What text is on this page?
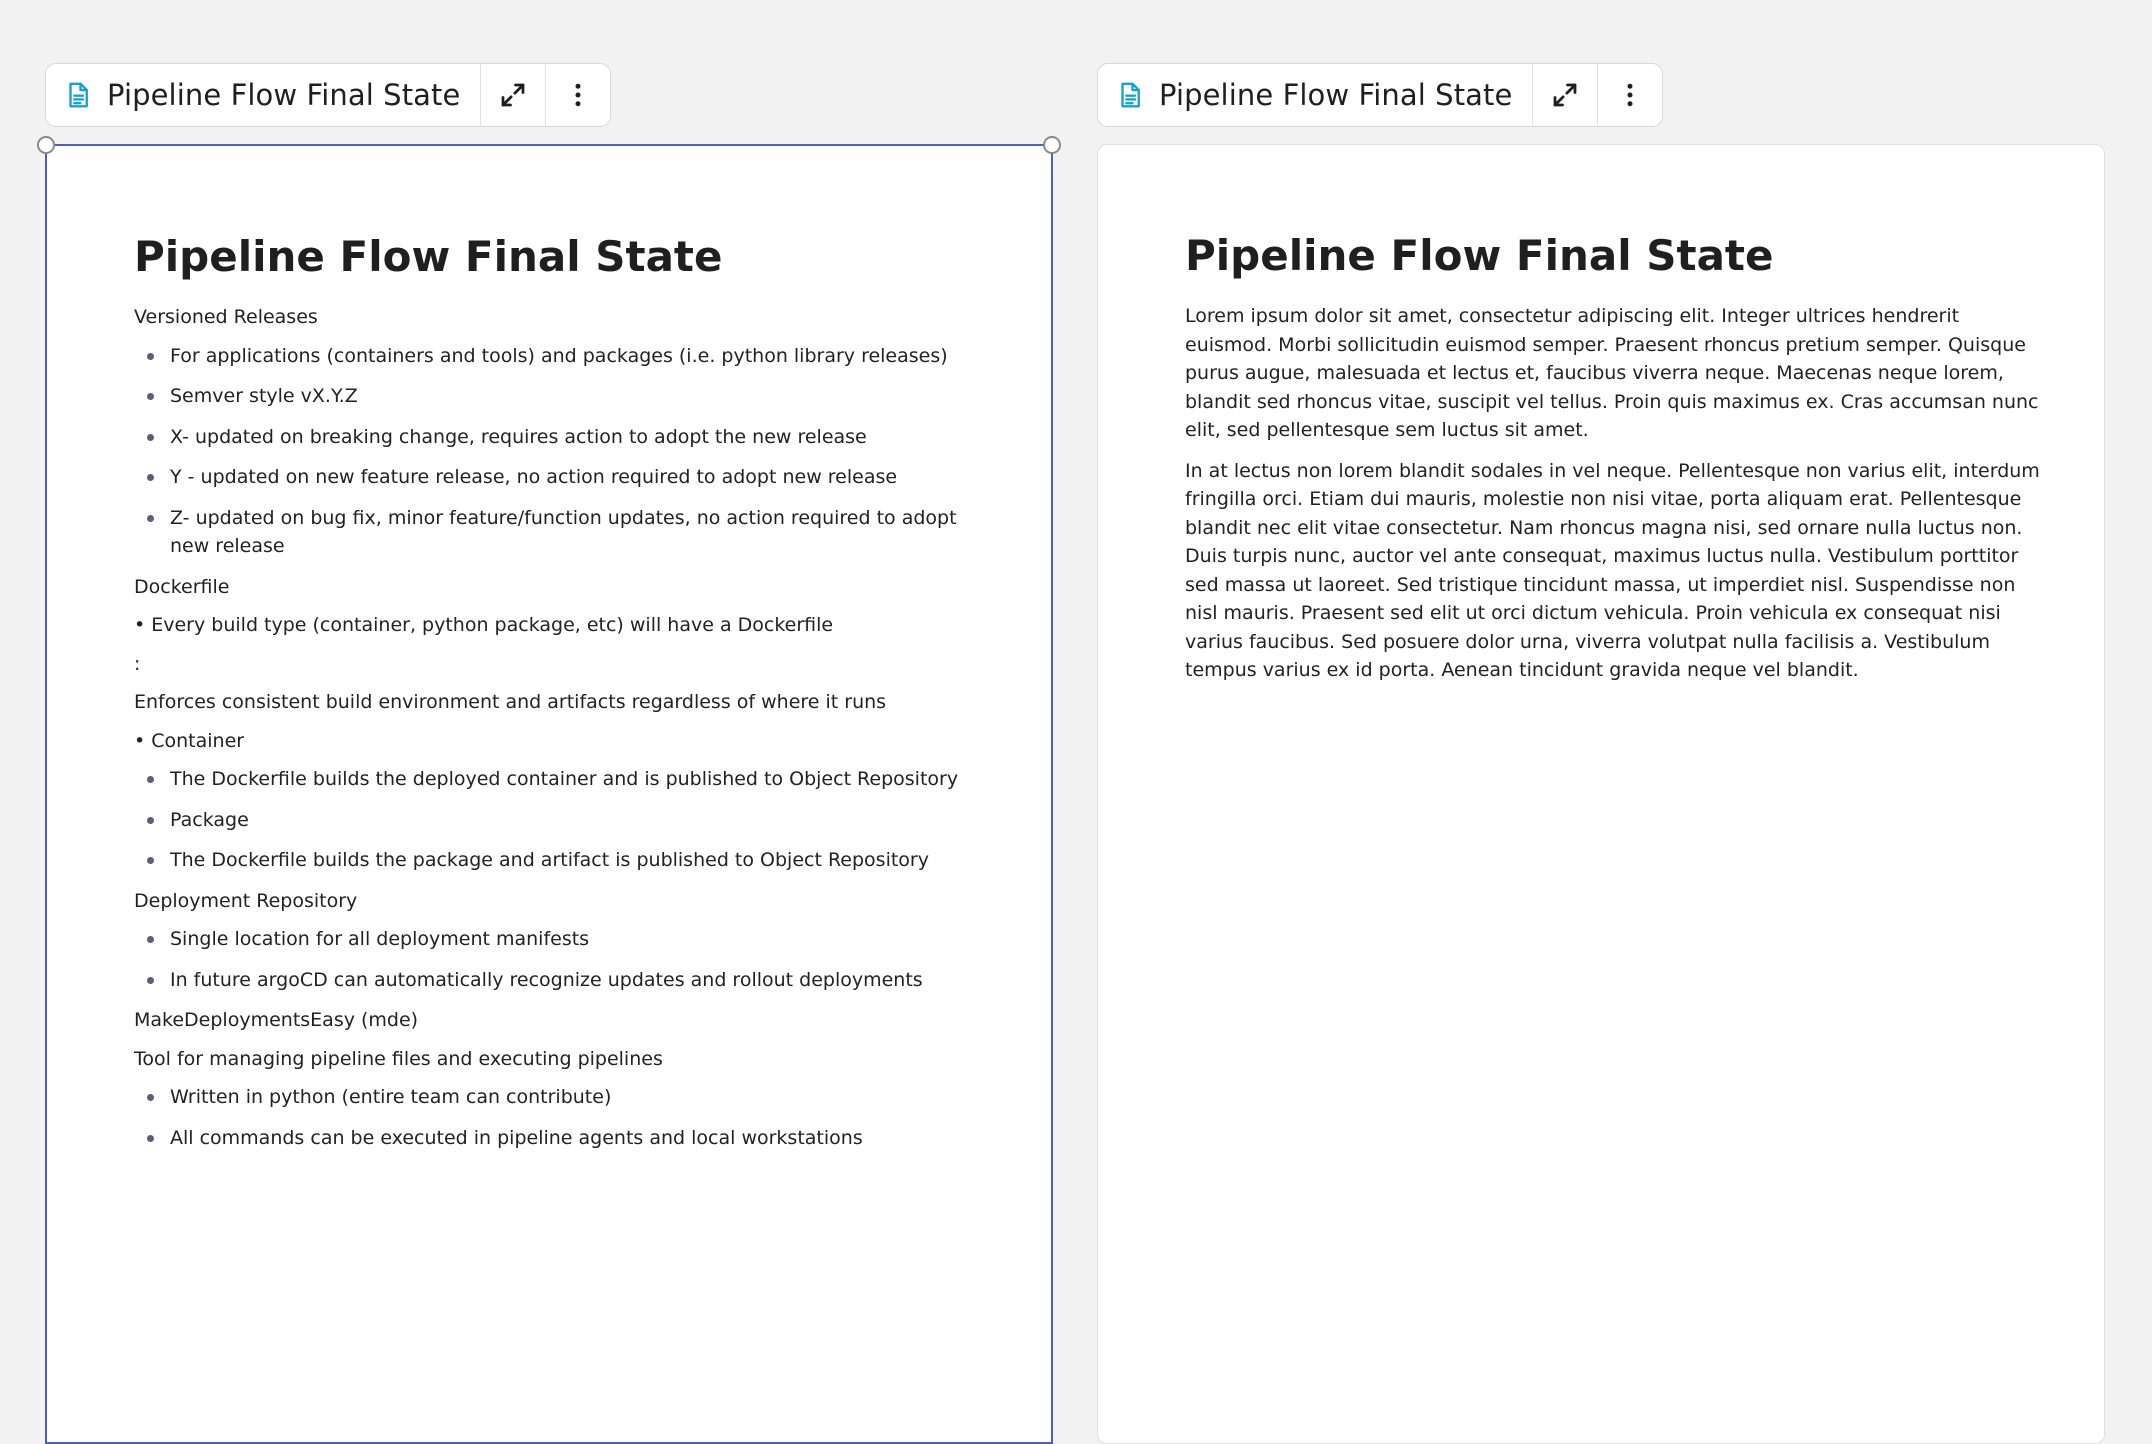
Pipeline Flow Final State	Pipeline Flow Final State
Pipeline Flow Final State

Versioned Releases

For applications (containers and tools) and packages (i.e. python library releases)
Semver style vX.Y.Z
X- updated on breaking change, requires action to adopt the new release
Y - updated on new feature release, no action required to adopt new release
Z- updated on bug fix, minor feature/function updates, no action required to adopt new release

Dockerfile

• Every build type (container, python package, etc) will have a Dockerfile

:

Enforces consistent build environment and artifacts regardless of where it runs

• Container

The Dockerfile builds the deployed container and is published to Object Repository
Package
The Dockerfile builds the package and artifact is published to Object Repository

Deployment Repository

Single location for all deployment manifests
In future argoCD can automatically recognize updates and rollout deployments

MakeDeploymentsEasy (mde)

Tool for managing pipeline files and executing pipelines

Written in python (entire team can contribute)
All commands can be executed in pipeline agents and local workstations
Pipeline Flow Final State

Lorem ipsum dolor sit amet, consectetur adipiscing elit. Integer ultrices hendrerit euismod. Morbi sollicitudin euismod semper. Praesent rhoncus pretium semper. Quisque purus augue, malesuada et lectus et, faucibus viverra neque. Maecenas neque lorem, blandit sed rhoncus vitae, suscipit vel tellus. Proin quis maximus ex. Cras accumsan nunc elit, sed pellentesque sem luctus sit amet.

In at lectus non lorem blandit sodales in vel neque. Pellentesque non varius elit, interdum fringilla orci. Etiam dui mauris, molestie non nisi vitae, porta aliquam erat. Pellentesque blandit nec elit vitae consectetur. Nam rhoncus magna nisi, sed ornare nulla luctus non. Duis turpis nunc, auctor vel ante consequat, maximus luctus nulla. Vestibulum porttitor sed massa ut laoreet. Sed tristique tincidunt massa, ut imperdiet nisl. Suspendisse non nisl mauris. Praesent sed elit ut orci dictum vehicula. Proin vehicula ex consequat nisi varius faucibus. Sed posuere dolor urna, viverra volutpat nulla facilisis a. Vestibulum tempus varius ex id porta. Aenean tincidunt gravida neque vel blandit.
